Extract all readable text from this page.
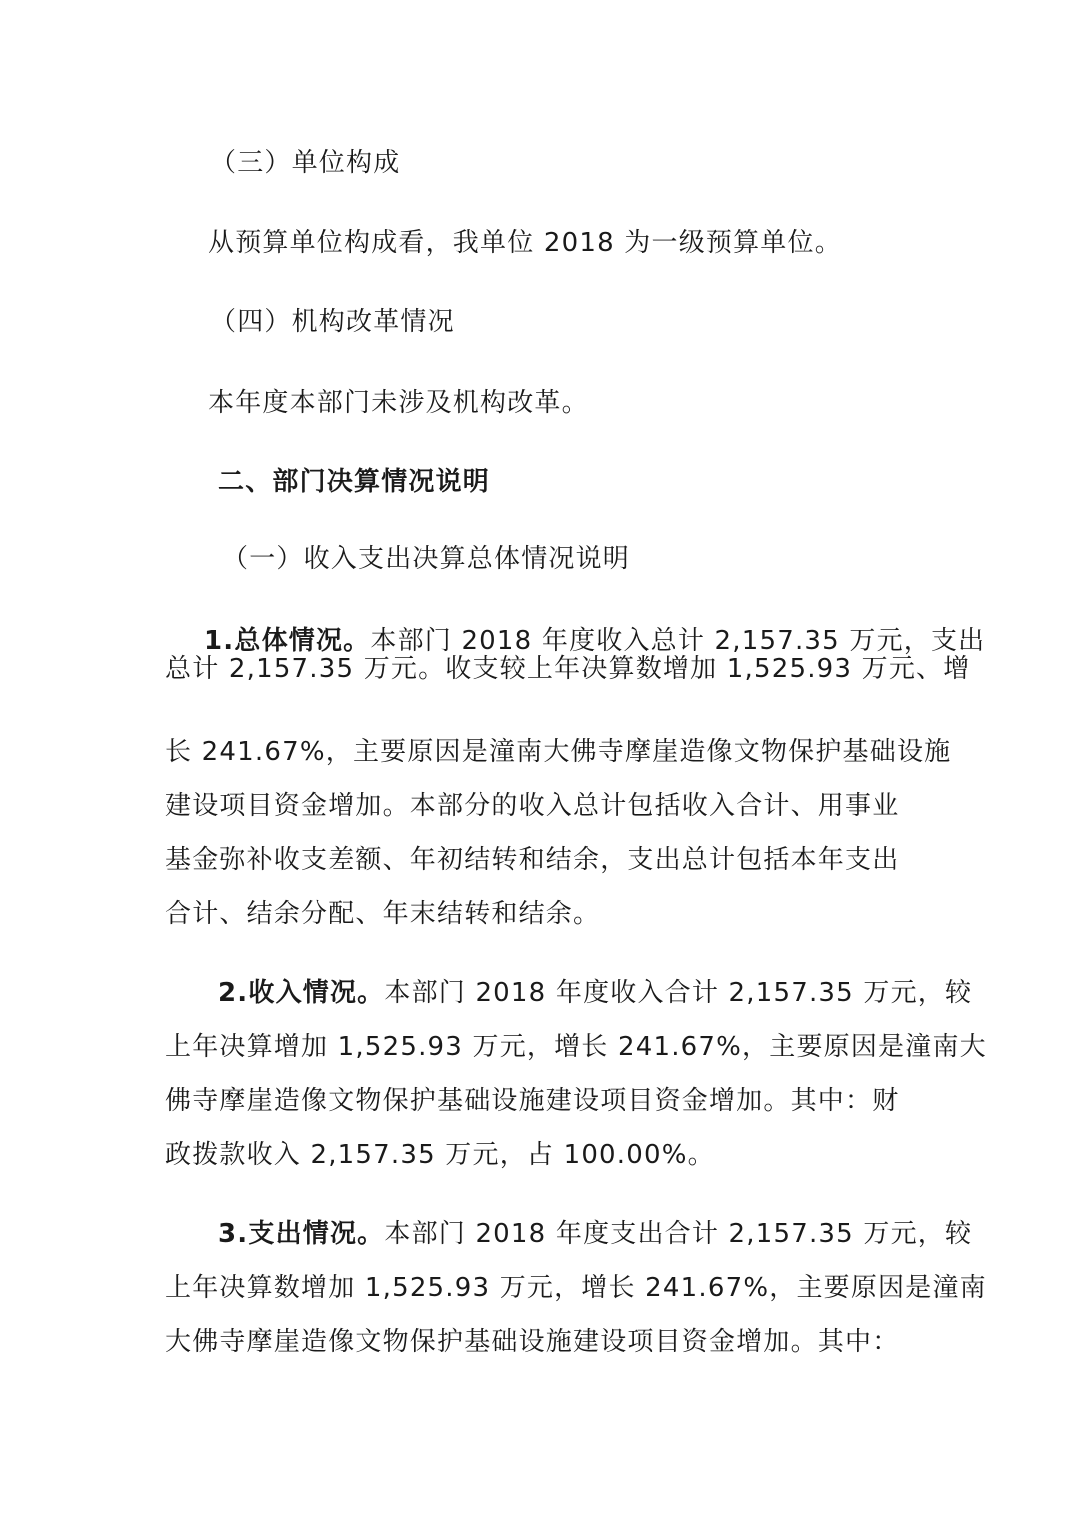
（三）单位构成
从预算单位构成看，我单位 2018 为一级预算单位。
（四）机构改革情况
本年度本部门未涉及机构改革。
二、部门决算情况说明
（一）收入支出决算总体情况说明
1.总体情况。本部门 2018 年度收入总计 2,157.35 万元，支出
总计 2,157.35 万元。收支较上年决算数增加 1,525.93 万元、增
长 241.67%，主要原因是潼南大佛寺摩崖造像文物保护基础设施
建设项目资金增加。本部分的收入总计包括收入合计、用事业
基金弥补收支差额、年初结转和结余，支出总计包括本年支出
合计、结余分配、年末结转和结余。
2.收入情况。本部门 2018 年度收入合计 2,157.35 万元，较
上年决算增加 1,525.93 万元，增长 241.67%，主要原因是潼南大
佛寺摩崖造像文物保护基础设施建设项目资金增加。其中：财
政拨款收入 2,157.35 万元，占 100.00%。
3.支出情况。本部门 2018 年度支出合计 2,157.35 万元，较
上年决算数增加 1,525.93 万元，增长 241.67%，主要原因是潼南
大佛寺摩崖造像文物保护基础设施建设项目资金增加。其中：
